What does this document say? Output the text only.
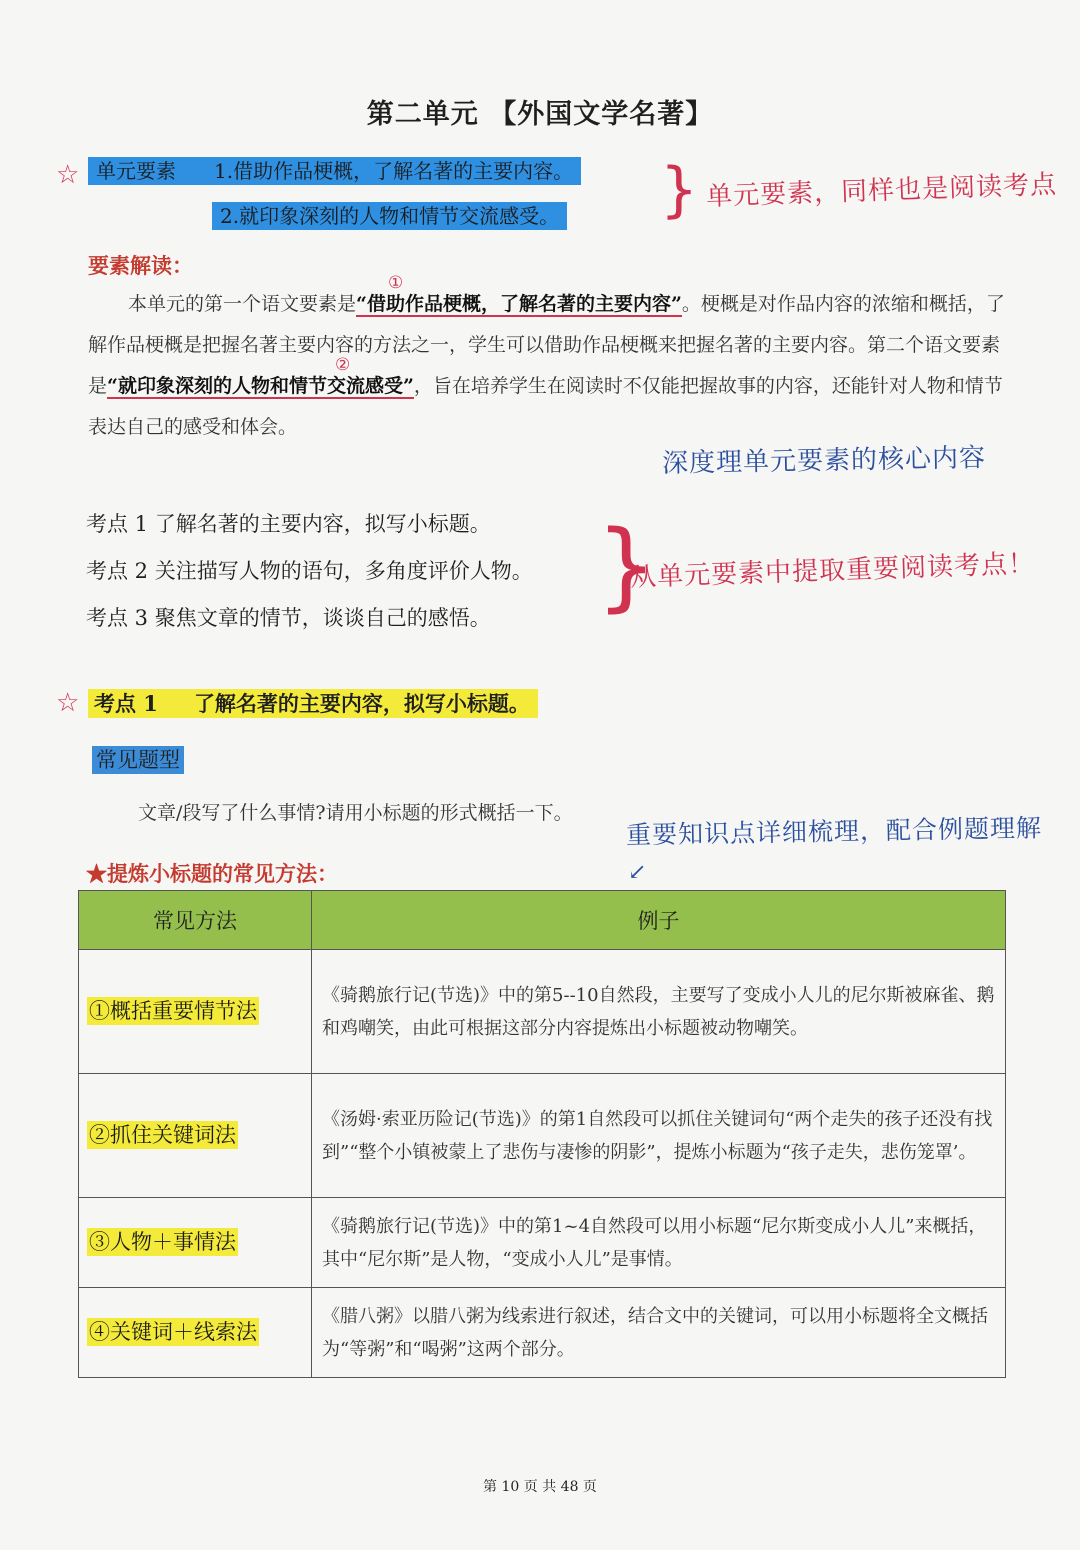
第二单元 【外国文学名著】
☆ 单元要素 1.借助作品梗概，了解名著的主要内容。
2.就印象深刻的人物和情节交流感受。 } 单元要素，同样也是阅读考点
要素解读：
①
②
本单元的第一个语文要素是“借助作品梗概，了解名著的主要内容”。梗概是对作品内容的浓缩和概括，了解作品梗概是把握名著主要内容的方法之一，学生可以借助作品梗概来把握名著的主要内容。第二个语文要素是“就印象深刻的人物和情节交流感受”，旨在培养学生在阅读时不仅能把握故事的内容，还能针对人物和情节表达自己的感受和体会。
深度理单元要素的核心内容
考点 1 了解名著的主要内容，拟写小标题。
考点 2 关注描写人物的语句，多角度评价人物。
考点 3 聚焦文章的情节，谈谈自己的感悟。 }
从单元要素中提取重要阅读考点！
☆ 考点 1 了解名著的主要内容，拟写小标题。
常见题型
文章/段写了什么事情?请用小标题的形式概括一下。
重要知识点详细梳理，配合例题理解
↙
★提炼小标题的常见方法：
常见方法	例子
①概括重要情节法	《骑鹅旅行记(节选)》中的第5--10自然段，主要写了变成小人儿的尼尔斯被麻雀、鹅和鸡嘲笑，由此可根据这部分内容提炼出小标题被动物嘲笑。
②抓住关键词法	《汤姆·索亚历险记(节选)》的第1自然段可以抓住关键词句“两个走失的孩子还没有找到”“整个小镇被蒙上了悲伤与凄惨的阴影”，提炼小标题为“孩子走失，悲伤笼罩’。
③人物＋事情法	《骑鹅旅行记(节选)》中的第1~4自然段可以用小标题“尼尔斯变成小人儿”来概括，其中“尼尔斯”是人物，“变成小人儿”是事情。
④关键词＋线索法	《腊八粥》以腊八粥为线索进行叙述，结合文中的关键词，可以用小标题将全文概括为“等粥”和“喝粥”这两个部分。
第 10 页 共 48 页
